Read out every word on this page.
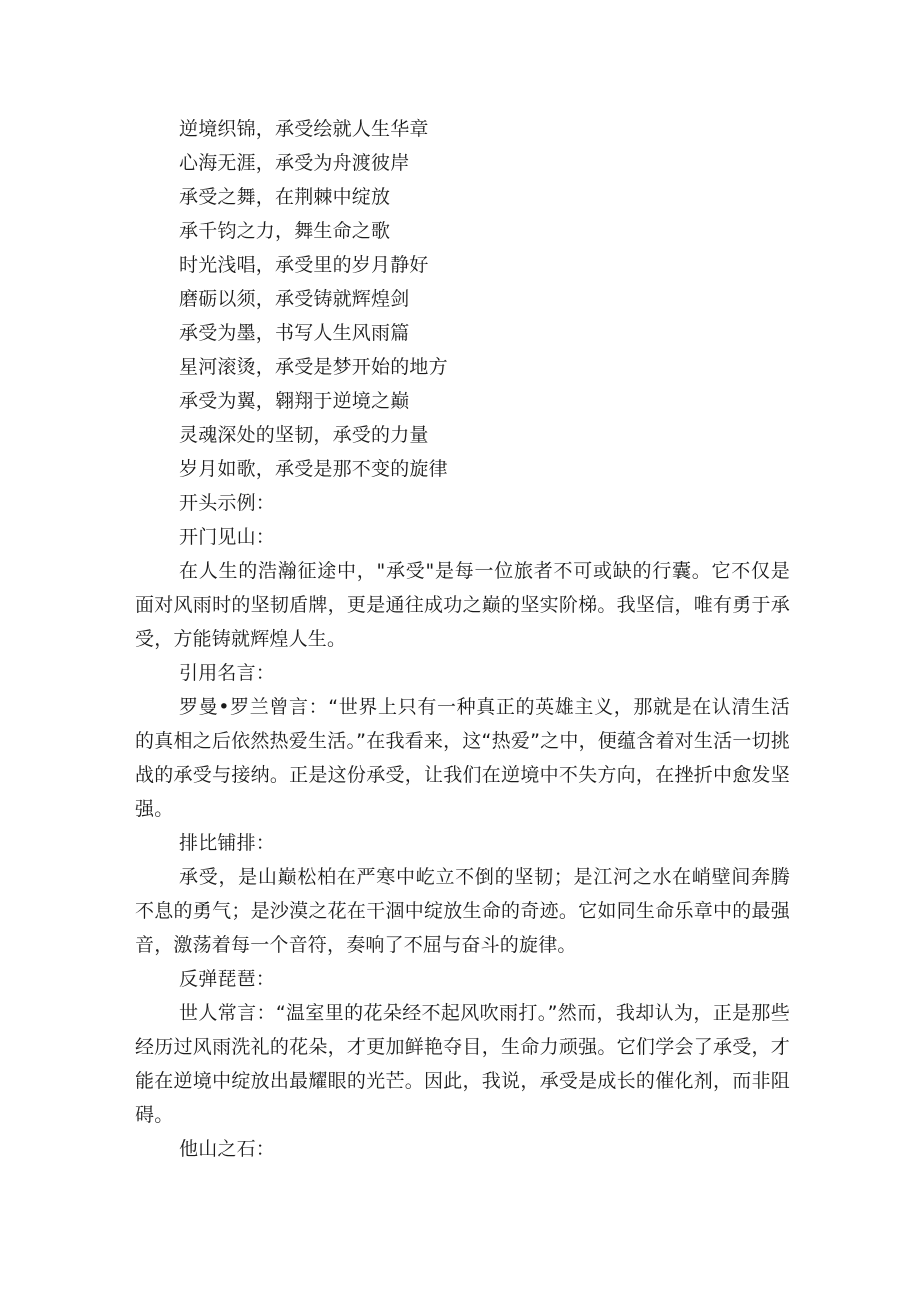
逆境织锦，承受绘就人生华章
心海无涯，承受为舟渡彼岸
承受之舞，在荆棘中绽放
承千钧之力，舞生命之歌
时光浅唱，承受里的岁月静好
磨砺以须，承受铸就辉煌剑
承受为墨，书写人生风雨篇
星河滚烫，承受是梦开始的地方
承受为翼，翱翔于逆境之巅
灵魂深处的坚韧，承受的力量
岁月如歌，承受是那不变的旋律
开头示例：
开门见山：
在人生的浩瀚征途中，"承受"是每一位旅者不可或缺的行囊。它不仅是面对风雨时的坚韧盾牌，更是通往成功之巅的坚实阶梯。我坚信，唯有勇于承受，方能铸就辉煌人生。
引用名言：
罗曼•罗兰曾言：“世界上只有一种真正的英雄主义，那就是在认清生活的真相之后依然热爱生活。”在我看来，这“热爱”之中，便蕴含着对生活一切挑战的承受与接纳。正是这份承受，让我们在逆境中不失方向，在挫折中愈发坚强。
排比铺排：
承受，是山巅松柏在严寒中屹立不倒的坚韧；是江河之水在峭壁间奔腾不息的勇气；是沙漠之花在干涸中绽放生命的奇迹。它如同生命乐章中的最强音，激荡着每一个音符，奏响了不屈与奋斗的旋律。
反弹琵琶：
世人常言：“温室里的花朵经不起风吹雨打。”然而，我却认为，正是那些经历过风雨洗礼的花朵，才更加鲜艳夺目，生命力顽强。它们学会了承受，才能在逆境中绽放出最耀眼的光芒。因此，我说，承受是成长的催化剂，而非阻碍。
他山之石：
